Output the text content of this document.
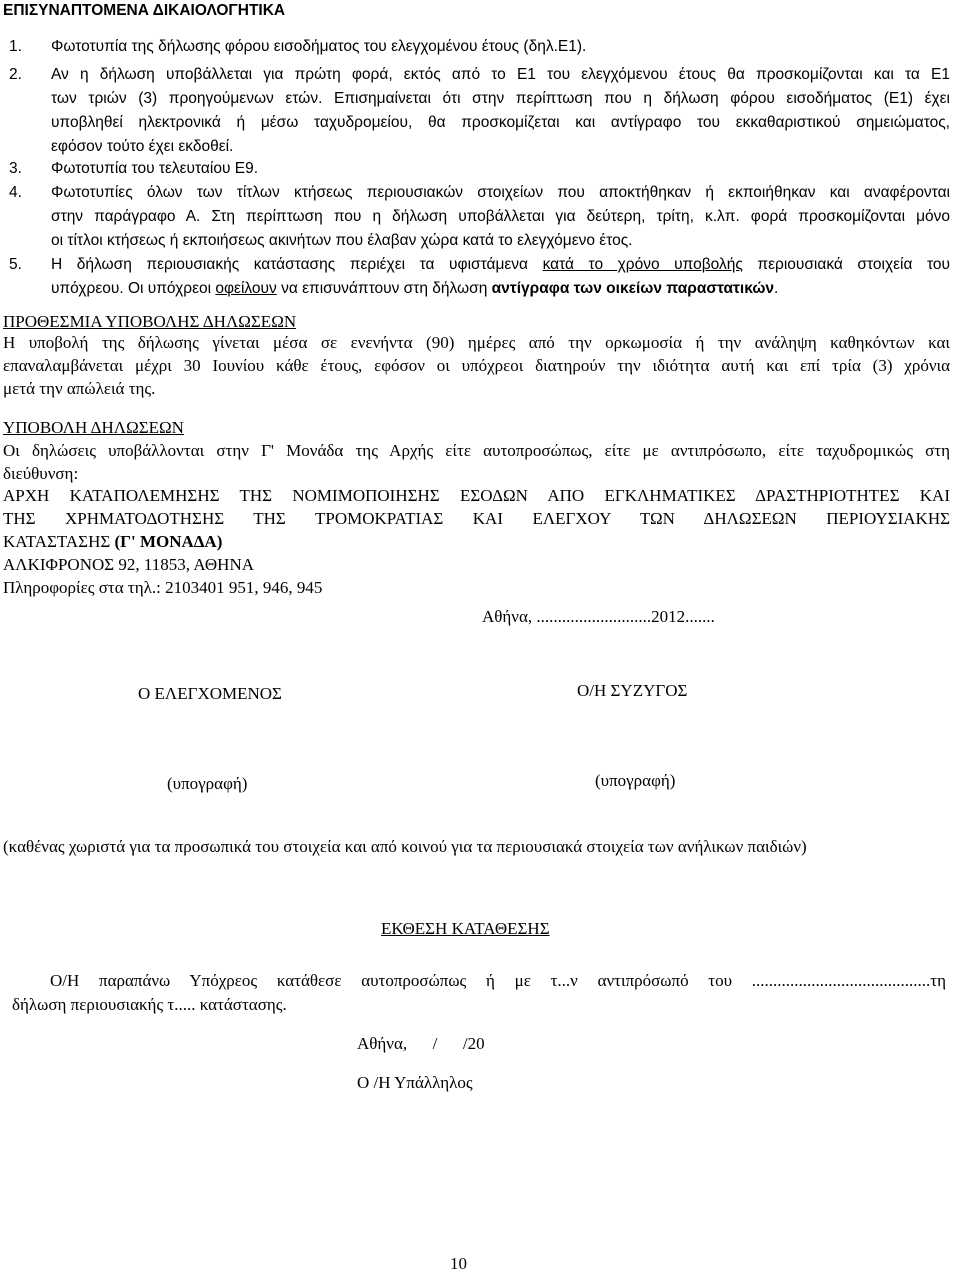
ΕΠΙΣΥΝΑΠΤΟΜΕΝΑ ΔΙΚΑΙΟΛΟΓΗΤΙΚΑ
1. Φωτοτυπία της δήλωσης φόρου εισοδήματος του ελεγχομένου έτους (δηλ.Ε1).
2. Αν η δήλωση υποβάλλεται για πρώτη φορά, εκτός από το Ε1 του ελεγχόμενου έτους θα προσκομίζονται και τα Ε1
των τριών (3) προηγούμενων ετών. Επισημαίνεται ότι στην περίπτωση που η δήλωση φόρου εισοδήματος (Ε1) έχει
υποβληθεί ηλεκτρονικά ή μέσω ταχυδρομείου, θα προσκομίζεται και αντίγραφο του εκκαθαριστικού σημειώματος,
εφόσον τούτο έχει εκδοθεί.
3. Φωτοτυπία του τελευταίου Ε9.
4. Φωτοτυπίες όλων των τίτλων κτήσεως περιουσιακών στοιχείων που αποκτήθηκαν ή εκποιήθηκαν και αναφέρονται
στην παράγραφο Α. Στη περίπτωση που η δήλωση υποβάλλεται για δεύτερη, τρίτη, κ.λπ. φορά προσκομίζονται μόνο
οι τίτλοι κτήσεως ή εκποιήσεως ακινήτων που έλαβαν χώρα κατά το ελεγχόμενο έτος.
5. Η δήλωση περιουσιακής κατάστασης περιέχει τα υφιστάμενα κατά το χρόνο υποβολής περιουσιακά στοιχεία του
υπόχρεου. Οι υπόχρεοι οφείλουν να επισυνάπτουν στη δήλωση αντίγραφα των οικείων παραστατικών.
ΠΡΟΘΕΣΜΙΑ ΥΠΟΒΟΛΗΣ ΔΗΛΩΣΕΩΝ
Η υποβολή της δήλωσης γίνεται μέσα σε ενενήντα (90) ημέρες από την ορκωμοσία ή την ανάληψη καθηκόντων και
επαναλαμβάνεται μέχρι 30 Ιουνίου κάθε έτους, εφόσον οι υπόχρεοι διατηρούν την ιδιότητα αυτή και επί τρία (3) χρόνια
μετά την απώλειά της.
ΥΠΟΒΟΛΗ ΔΗΛΩΣΕΩΝ
Οι δηλώσεις υποβάλλονται στην Γ' Μονάδα της Αρχής είτε αυτοπροσώπως, είτε με αντιπρόσωπο, είτε ταχυδρομικώς στη
διεύθυνση:
ΑΡΧΗ ΚΑΤΑΠΟΛΕΜΗΣΗΣ ΤΗΣ ΝΟΜΙΜΟΠΟΙΗΣΗΣ ΕΣΟΔΩΝ ΑΠΟ ΕΓΚΛΗΜΑΤΙΚΕΣ ΔΡΑΣΤΗΡΙΟΤΗΤΕΣ ΚΑΙ
ΤΗΣ ΧΡΗΜΑΤΟΔΟΤΗΣΗΣ ΤΗΣ ΤΡΟΜΟΚΡΑΤΙΑΣ ΚΑΙ ΕΛΕΓΧΟΥ ΤΩΝ ΔΗΛΩΣΕΩΝ ΠΕΡΙΟΥΣΙΑΚΗΣ
ΚΑΤΑΣΤΑΣΗΣ (Γ' ΜΟΝΑΔΑ)
ΑΛΚΙΦΡΟΝΟΣ 92, 11853, ΑΘΗΝΑ
Πληροφορίες στα τηλ.: 2103401 951, 946, 945
Αθήνα, ...........................2012.......
Ο ΕΛΕΓΧΟΜΕΝΟΣ	Ο/Η ΣΥΖΥΓΟΣ
(υπογραφή)	(υπογραφή)
(καθένας χωριστά για τα προσωπικά του στοιχεία και από κοινού για τα περιουσιακά στοιχεία των ανήλικων παιδιών)
ΕΚΘΕΣΗ ΚΑΤΑΘΕΣΗΣ
Ο/Η παραπάνω Υπόχρεος κατάθεσε αυτοπροσώπως ή με τ...ν αντιπρόσωπό του ..........................................τη
δήλωση περιουσιακής τ..... κατάστασης.
Αθήνα,      /      /20
Ο /Η Υπάλληλος
10
